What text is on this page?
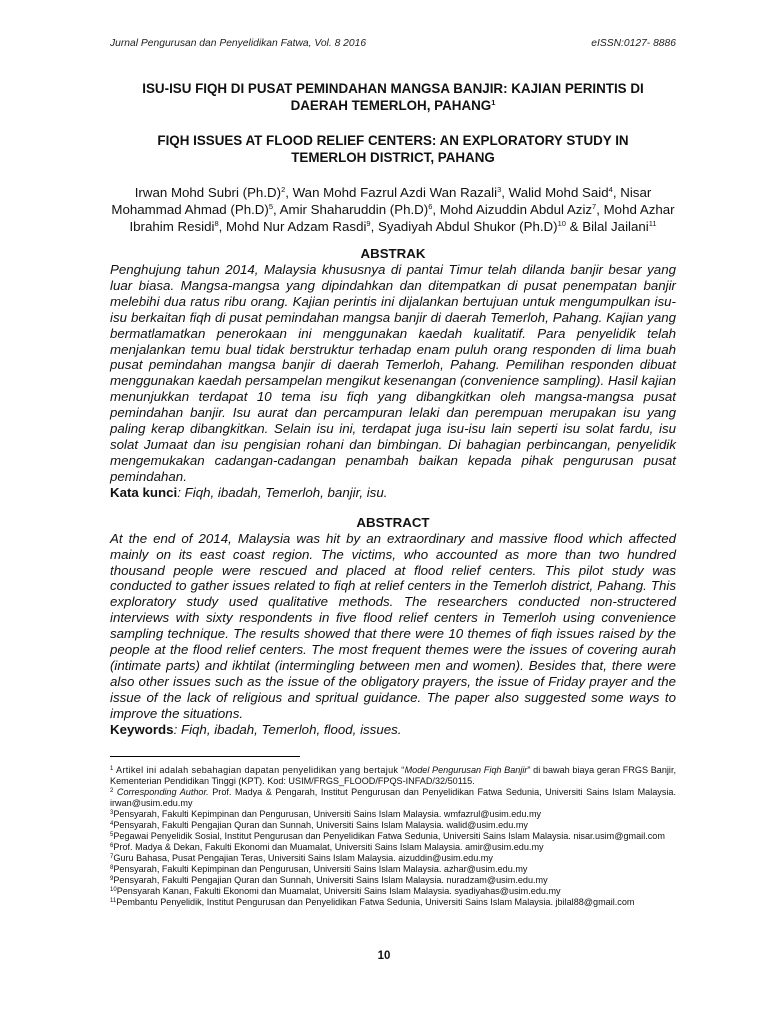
Jurnal Pengurusan dan Penyelidikan Fatwa, Vol. 8 2016	eISSN:0127- 8886
ISU-ISU FIQH DI PUSAT PEMINDAHAN MANGSA BANJIR: KAJIAN PERINTIS DI
DAERAH TEMERLOH, PAHANG$^1$
FIQH ISSUES AT FLOOD RELIEF CENTERS: AN EXPLORATORY STUDY IN
TEMERLOH DISTRICT, PAHANG
Irwan Mohd Subri $(Ph.D)^2$, Wan Mohd Fazrul Azdi Wan Razali$^3$, Walid Mohd Said$^4$, Nisar Mohammad Ahmad $(Ph.D)^5$, Amir Shaharuddin $(Ph.D)^6$, Mohd Aizuddin Abdul Aziz$^7$, Mohd Azhar Ibrahim Residi$^8$, Mohd Nur Adzam Rasdi$^9$, Syadiyah Abdul Shukor $(Ph.D)^{10}$ & Bilal Jailani$^{11}$
ABSTRAK
Penghujung tahun 2014, Malaysia khususnya di pantai Timur telah dilanda banjir besar yang luar biasa. Mangsa-mangsa yang dipindahkan dan ditempatkan di pusat penempatan banjir melebihi dua ratus ribu orang. Kajian perintis ini dijalankan bertujuan untuk mengumpulkan isu-isu berkaitan fiqh di pusat pemindahan mangsa banjir di daerah Temerloh, Pahang. Kajian yang bermatlamatkan penerokaan ini menggunakan kaedah kualitatif. Para penyelidik telah menjalankan temu bual tidak berstruktur terhadap enam puluh orang responden di lima buah pusat pemindahan mangsa banjir di daerah Temerloh, Pahang. Pemilihan responden dibuat menggunakan kaedah persampelan mengikut kesenangan (convenience sampling). Hasil kajian menunjukkan terdapat 10 tema isu fiqh yang dibangkitkan oleh mangsa-mangsa pusat pemindahan banjir. Isu aurat dan percampuran lelaki dan perempuan merupakan isu yang paling kerap dibangkitkan. Selain isu ini, terdapat juga isu-isu lain seperti isu solat fardu, isu solat Jumaat dan isu pengisian rohani dan bimbingan. Di bahagian perbincangan, penyelidik mengemukakan cadangan-cadangan penambah baikan kepada pihak pengurusan pusat pemindahan.
Kata kunci: Fiqh, ibadah, Temerloh, banjir, isu.
ABSTRACT
At the end of 2014, Malaysia was hit by an extraordinary and massive flood which affected mainly on its east coast region. The victims, who accounted as more than two hundred thousand people were rescued and placed at flood relief centers. This pilot study was conducted to gather issues related to fiqh at relief centers in the Temerloh district, Pahang. This exploratory study used qualitative methods. The researchers conducted non-structered interviews with sixty respondents in five flood relief centers in Temerloh using convenience sampling technique. The results showed that there were 10 themes of fiqh issues raised by the people at the flood relief centers. The most frequent themes were the issues of covering aurah (intimate parts) and ikhtilat (intermingling between men and women). Besides that, there were also other issues such as the issue of the obligatory prayers, the issue of Friday prayer and the issue of the lack of religious and spritual guidance. The paper also suggested some ways to improve the situations.
Keywords: Fiqh, ibadah, Temerloh, flood, issues.
$^1$ Artikel ini adalah sebahagian dapatan penyelidikan yang bertajuk “Model Pengurusan Fiqh Banjir” di bawah biaya geran FRGS Banjir, Kementerian Pendidikan Tinggi (KPT). Kod: USIM/FRGS_FLOOD/FPQS-INFAD/32/50115.
$^2$ Corresponding Author. Prof. Madya & Pengarah, Institut Pengurusan dan Penyelidikan Fatwa Sedunia, Universiti Sains Islam Malaysia. irwan@usim.edu.my
$^3$Pensyarah, Fakulti Kepimpinan dan Pengurusan, Universiti Sains Islam Malaysia. wmfazrul@usim.edu.my
$^4$Pensyarah, Fakulti Pengajian Quran dan Sunnah, Universiti Sains Islam Malaysia. walid@usim.edu.my
$^5$Pegawai Penyelidik Sosial, Institut Pengurusan dan Penyelidikan Fatwa Sedunia, Universiti Sains Islam Malaysia. nisar.usim@gmail.com
$^6$Prof. Madya & Dekan, Fakulti Ekonomi dan Muamalat, Universiti Sains Islam Malaysia. amir@usim.edu.my
$^7$Guru Bahasa, Pusat Pengajian Teras, Universiti Sains Islam Malaysia. aizuddin@usim.edu.my
$^8$Pensyarah, Fakulti Kepimpinan dan Pengurusan, Universiti Sains Islam Malaysia. azhar@usim.edu.my
$^9$Pensyarah, Fakulti Pengajian Quran dan Sunnah, Universiti Sains Islam Malaysia. nuradzam@usim.edu.my
$^{10}$Pensyarah Kanan, Fakulti Ekonomi dan Muamalat, Universiti Sains Islam Malaysia. syadiyahas@usim.edu.my
$^{11}$Pembantu Penyelidik, Institut Pengurusan dan Penyelidikan Fatwa Sedunia, Universiti Sains Islam Malaysia. jbilal88@gmail.com
10
